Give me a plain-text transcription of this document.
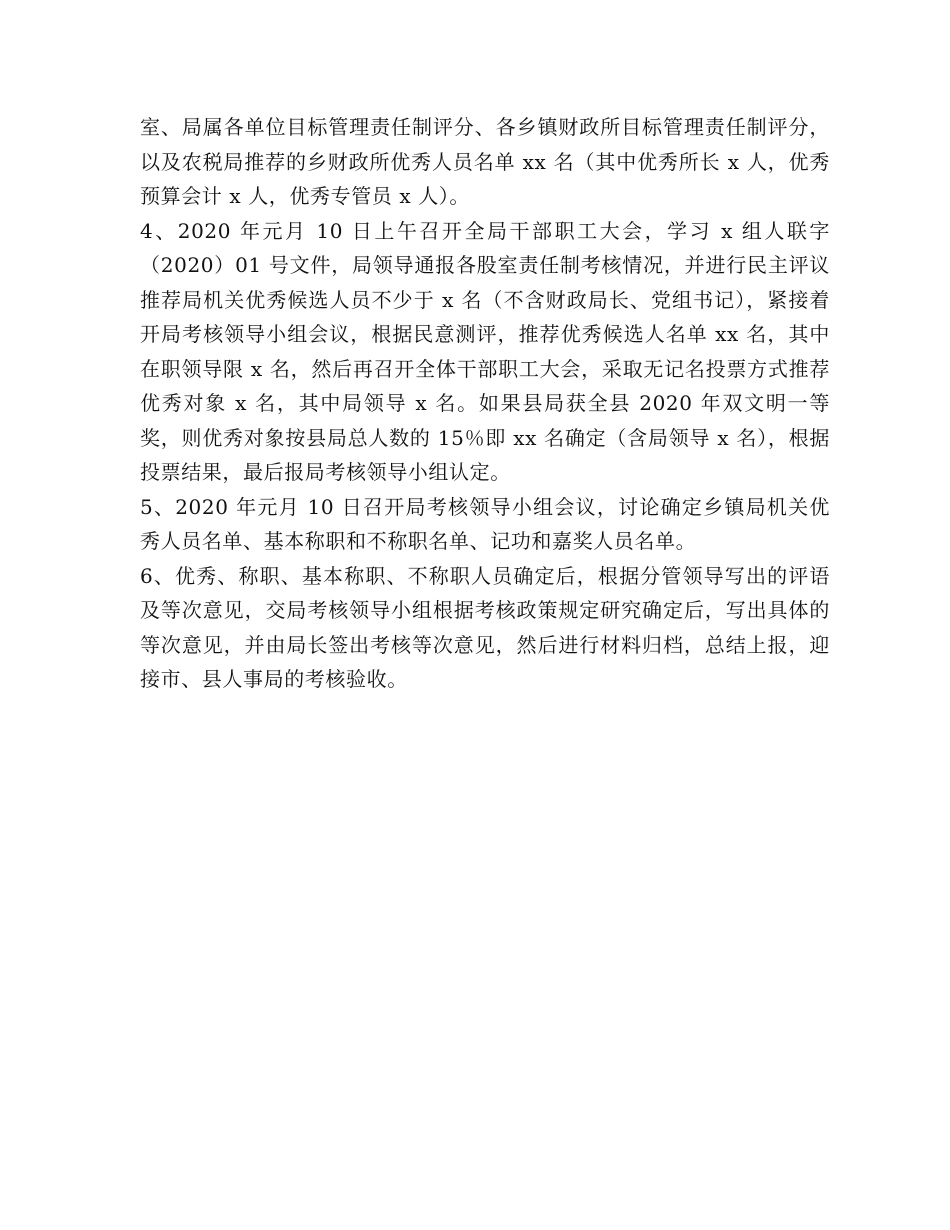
室、局属各单位目标管理责任制评分、各乡镇财政所目标管理责任制评分，以及农税局推荐的乡财政所优秀人员名单 xx 名（其中优秀所长 x 人，优秀预算会计 x 人，优秀专管员 x 人）。

4、2020 年元月 10 日上午召开全局干部职工大会，学习 x 组人联字（2020）01 号文件，局领导通报各股室责任制考核情况，并进行民主评议推荐局机关优秀候选人员不少于 x 名（不含财政局长、党组书记），紧接着开局考核领导小组会议，根据民意测评，推荐优秀候选人名单 xx 名，其中在职领导限 x 名，然后再召开全体干部职工大会，采取无记名投票方式推荐优秀对象 x 名，其中局领导 x 名。如果县局获全县 2020 年双文明一等奖，则优秀对象按县局总人数的 15％即 xx 名确定（含局领导 x 名），根据投票结果，最后报局考核领导小组认定。

5、2020 年元月 10 日召开局考核领导小组会议，讨论确定乡镇局机关优秀人员名单、基本称职和不称职名单、记功和嘉奖人员名单。

6、优秀、称职、基本称职、不称职人员确定后，根据分管领导写出的评语及等次意见，交局考核领导小组根据考核政策规定研究确定后，写出具体的等次意见，并由局长签出考核等次意见，然后进行材料归档，总结上报，迎接市、县人事局的考核验收。
